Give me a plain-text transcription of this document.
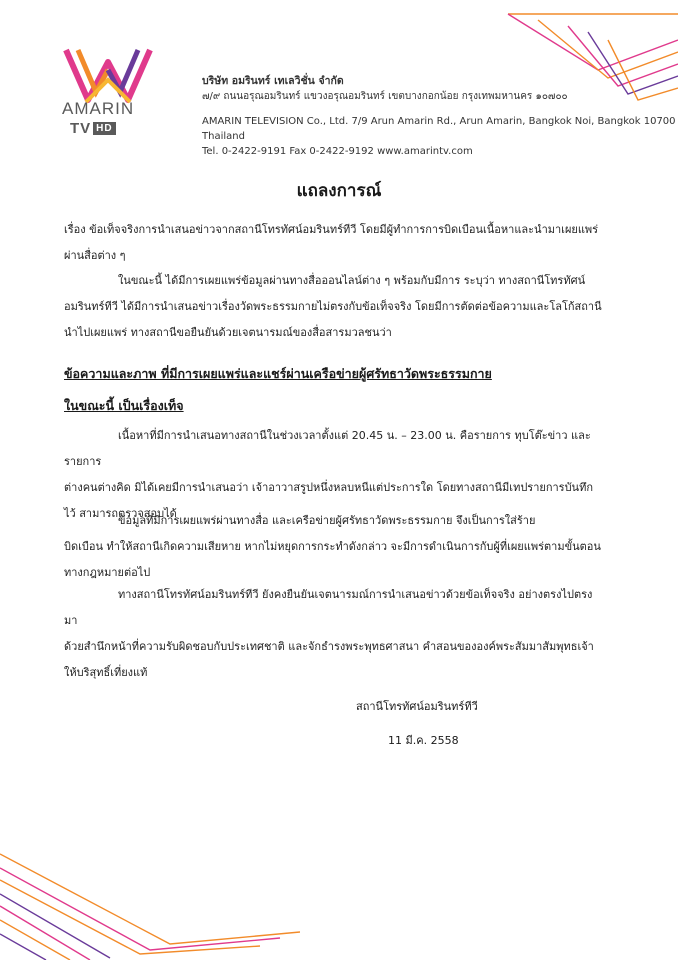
AMARIN
TV HD
บริษัท อมรินทร์ เทเลวิชั่น จำกัด
๗/๙ ถนนอรุณอมรินทร์ แขวงอรุณอมรินทร์ เขตบางกอกน้อย กรุงเทพมหานคร ๑๐๗๐๐
AMARIN TELEVISION Co., Ltd. 7/9 Arun Amarin Rd., Arun Amarin, Bangkok Noi, Bangkok 10700 Thailand
Tel. 0-2422-9191 Fax 0-2422-9192 www.amarintv.com
แถลงการณ์
เรื่อง ข้อเท็จจริงการนำเสนอข่าวจากสถานีโทรทัศน์อมรินทร์ทีวี โดยมีผู้ทำการการบิดเบือนเนื้อหาและนำมาเผยแพร่
ผ่านสื่อต่าง ๆ
ในขณะนี้ ได้มีการเผยแพร่ข้อมูลผ่านทางสื่อออนไลน์ต่าง ๆ พร้อมกับมีการ ระบุว่า ทางสถานีโทรทัศน์
อมรินทร์ทีวี ได้มีการนำเสนอข่าวเรื่องวัดพระธรรมกายไม่ตรงกับข้อเท็จจริง โดยมีการตัดต่อข้อความและโลโก้สถานี
นำไปเผยแพร่ ทางสถานีขอยืนยันด้วยเจตนารมณ์ของสื่อสารมวลชนว่า
ข้อความและภาพ ที่มีการเผยแพร่และแชร์ผ่านเครือข่ายผู้ศรัทธาวัดพระธรรมกาย
ในขณะนี้ เป็นเรื่องเท็จ
เนื้อหาที่มีการนำเสนอทางสถานีในช่วงเวลาตั้งแต่ 20.45 น. – 23.00 น. คือรายการ ทุบโต๊ะข่าว และรายการ
ต่างคนต่างคิด มิได้เคยมีการนำเสนอว่า เจ้าอาวาสรูปหนึ่งหลบหนีแต่ประการใด โดยทางสถานีมีเทปรายการบันทึก
ไว้ สามารถตรวจสอบได้
ข้อมูลที่มีการเผยแพร่ผ่านทางสื่อ และเครือข่ายผู้ศรัทธาวัดพระธรรมกาย จึงเป็นการใส่ร้าย
บิดเบือน ทำให้สถานีเกิดความเสียหาย หากไม่หยุดการกระทำดังกล่าว จะมีการดำเนินการกับผู้ที่เผยแพร่ตามขั้นตอน
ทางกฎหมายต่อไป
ทางสถานีโทรทัศน์อมรินทร์ทีวี ยังคงยืนยันเจตนารมณ์การนำเสนอข่าวด้วยข้อเท็จจริง อย่างตรงไปตรงมา
ด้วยสำนึกหน้าที่ความรับผิดชอบกับประเทศชาติ และจักธำรงพระพุทธศาสนา คำสอนขององค์พระสัมมาสัมพุทธเจ้า
ให้บริสุทธิ์เที่ยงแท้
สถานีโทรทัศน์อมรินทร์ทีวี
11 มี.ค. 2558
